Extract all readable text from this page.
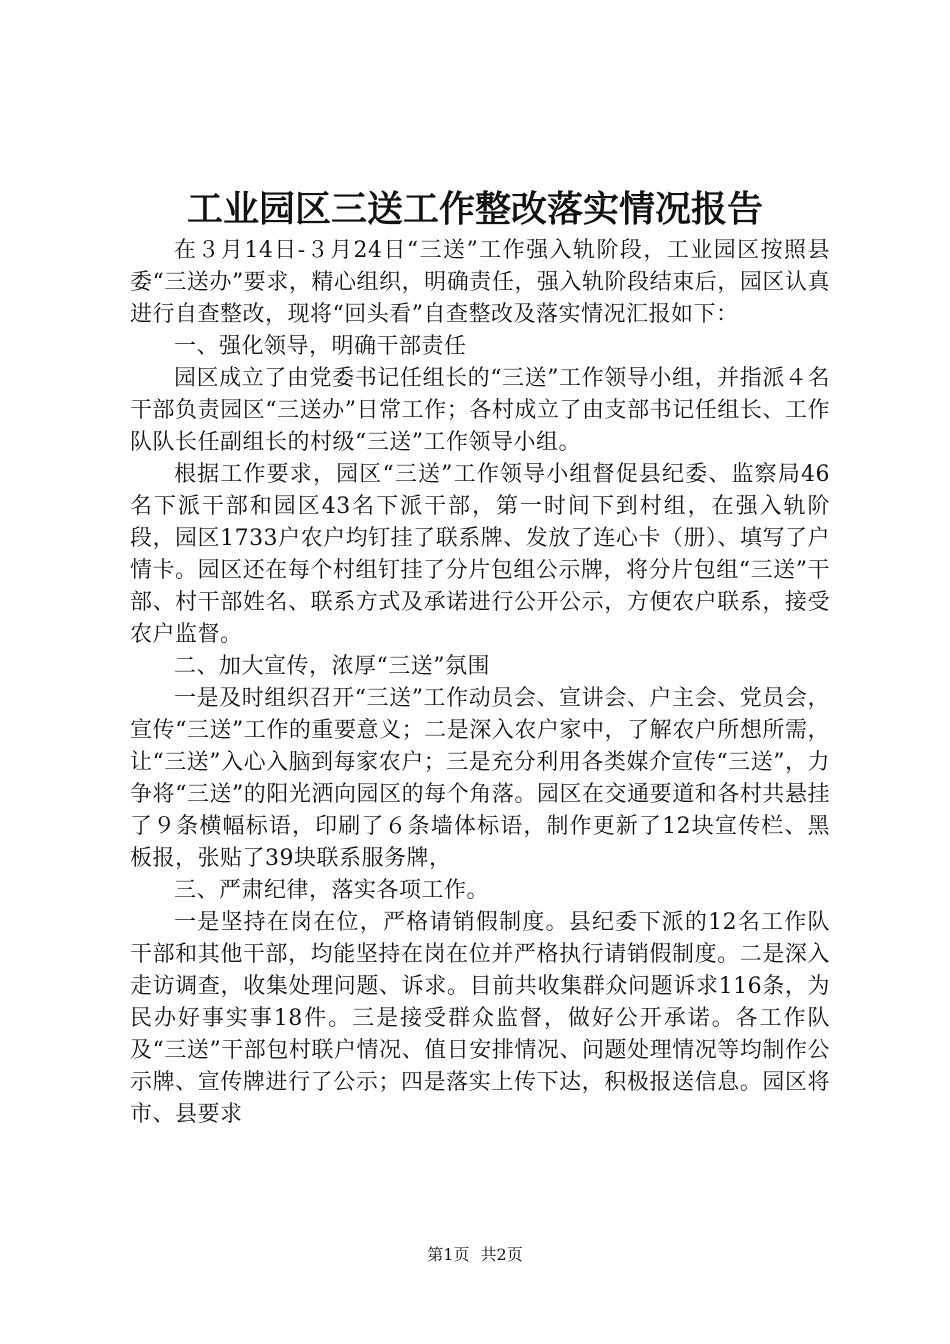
工业园区三送工作整改落实情况报告

在３月14日-３月24日“三送”工作强入轨阶段，工业园区按照县委“三送办”要求，精心组织，明确责任，强入轨阶段结束后，园区认真进行自查整改，现将“回头看”自查整改及落实情况汇报如下：

一、强化领导，明确干部责任

园区成立了由党委书记任组长的“三送”工作领导小组，并指派４名干部负责园区“三送办”日常工作；各村成立了由支部书记任组长、工作队队长任副组长的村级“三送”工作领导小组。

根据工作要求，园区“三送”工作领导小组督促县纪委、监察局46名下派干部和园区43名下派干部，第一时间下到村组，在强入轨阶段，园区1733户农户均钉挂了联系牌、发放了连心卡（册）、填写了户情卡。园区还在每个村组钉挂了分片包组公示牌，将分片包组“三送”干部、村干部姓名、联系方式及承诺进行公开公示，方便农户联系，接受农户监督。

二、加大宣传，浓厚“三送”氛围

一是及时组织召开“三送”工作动员会、宣讲会、户主会、党员会，宣传“三送”工作的重要意义；二是深入农户家中，了解农户所想所需，让“三送”入心入脑到每家农户；三是充分利用各类媒介宣传“三送”，力争将“三送”的阳光洒向园区的每个角落。园区在交通要道和各村共悬挂了９条横幅标语，印刷了６条墙体标语，制作更新了12块宣传栏、黑板报，张贴了39块联系服务牌，

三、严肃纪律，落实各项工作。

一是坚持在岗在位，严格请销假制度。县纪委下派的12名工作队干部和其他干部，均能坚持在岗在位并严格执行请销假制度。二是深入走访调查，收集处理问题、诉求。目前共收集群众问题诉求116条，为民办好事实事18件。三是接受群众监督，做好公开承诺。各工作队及“三送”干部包村联户情况、值日安排情况、问题处理情况等均制作公示牌、宣传牌进行了公示；四是落实上传下达，积极报送信息。园区将市、县要求

第1页 共2页
